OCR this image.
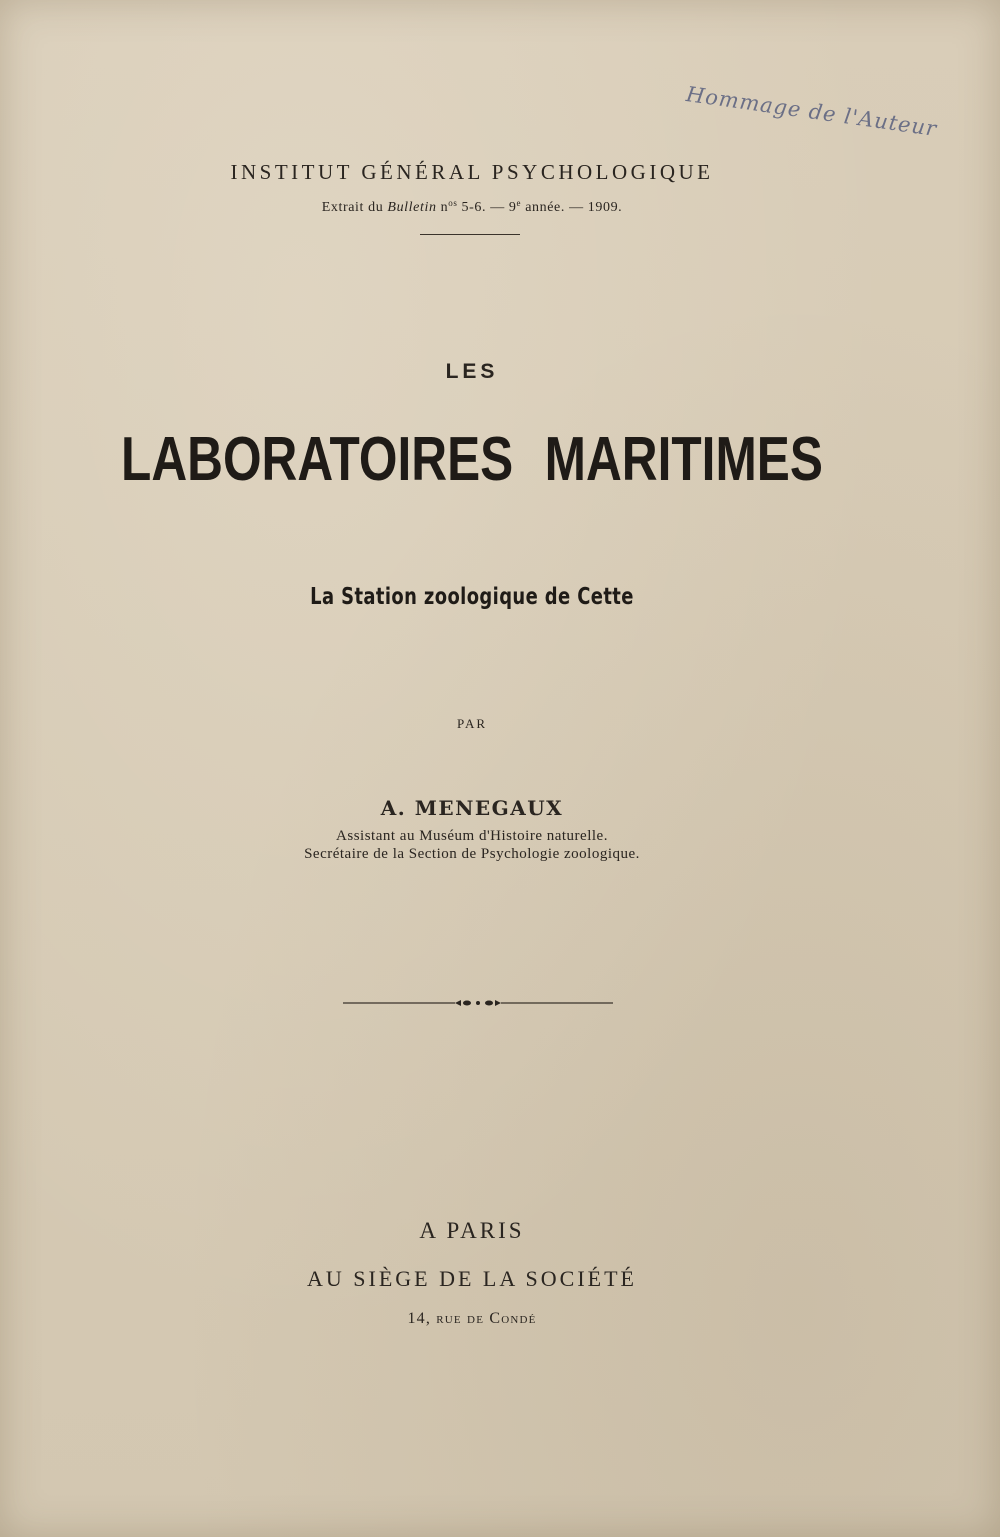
Hommage de l'Auteur
INSTITUT GÉNÉRAL PSYCHOLOGIQUE
Extrait du Bulletin $n^{os}$ 5-6. — 9e année. — 1909.
LES
LABORATOIRES MARITIMES
La Station zoologique de Cette
PAR
A. MENEGAUX
Assistant au Muséum d'Histoire naturelle.
Secrétaire de la Section de Psychologie zoologique.
A PARIS
AU SIÈGE DE LA SOCIÉTÉ
14, rue de Condé
